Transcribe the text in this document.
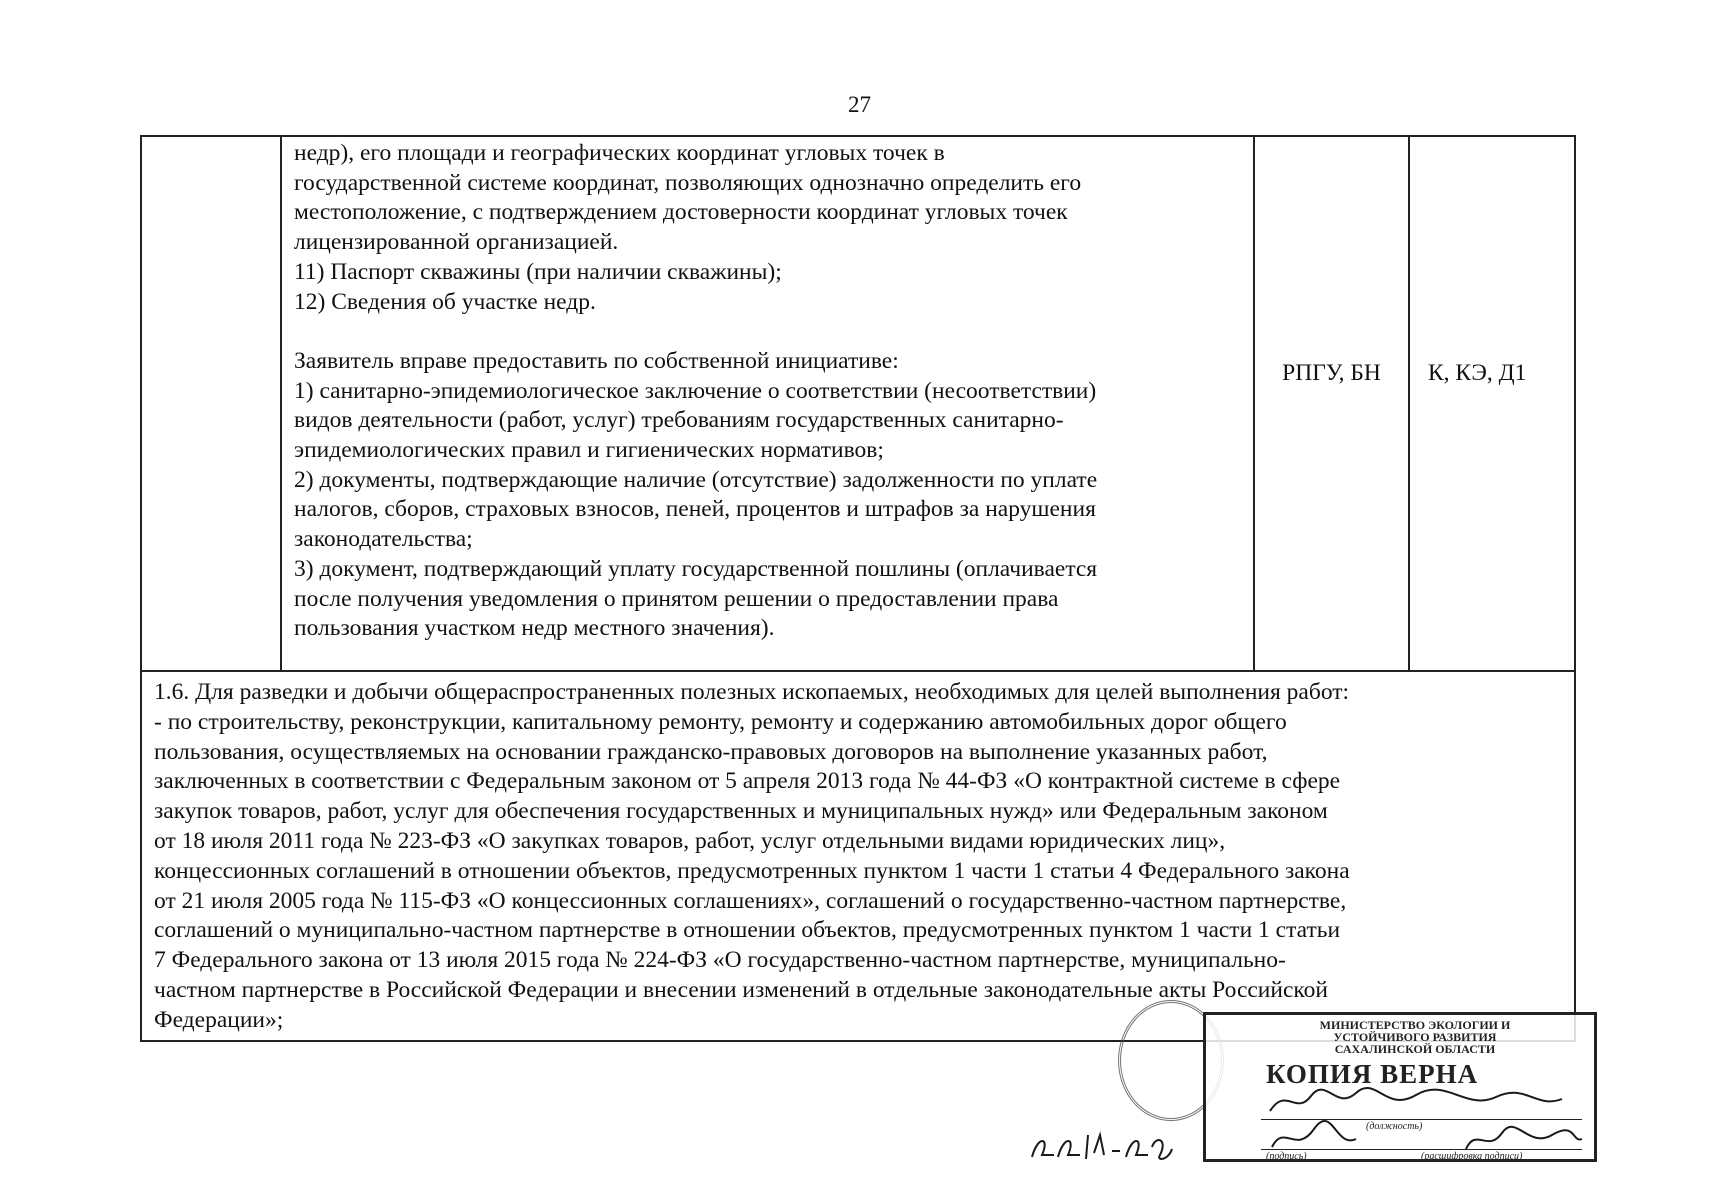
27
недр), его площади и географических координат угловых точек в
государственной системе координат, позволяющих однозначно определить его
местоположение, с подтверждением достоверности координат угловых точек
лицензированной организацией.
11) Паспорт скважины (при наличии скважины);
12) Сведения об участке недр.
Заявитель вправе предоставить по собственной инициативе:
1) санитарно-эпидемиологическое заключение о соответствии (несоответствии)
видов деятельности (работ, услуг) требованиям государственных санитарно-
эпидемиологических правил и гигиенических нормативов;
2) документы, подтверждающие наличие (отсутствие) задолженности по уплате
налогов, сборов, страховых взносов, пеней, процентов и штрафов за нарушения
законодательства;
3) документ, подтверждающий уплату государственной пошлины (оплачивается
после получения уведомления о принятом решении о предоставлении права
пользования участком недр местного значения).
РПГУ, БН	К, КЭ, Д1
1.6. Для разведки и добычи общераспространенных полезных ископаемых, необходимых для целей выполнения работ:
- по строительству, реконструкции, капитальному ремонту, ремонту и содержанию автомобильных дорог общего
пользования, осуществляемых на основании гражданско-правовых договоров на выполнение указанных работ,
заключенных в соответствии с Федеральным законом от 5 апреля 2013 года № 44-ФЗ «О контрактной системе в сфере
закупок товаров, работ, услуг для обеспечения государственных и муниципальных нужд» или Федеральным законом
от 18 июля 2011 года № 223-ФЗ «О закупках товаров, работ, услуг отдельными видами юридических лиц»,
концессионных соглашений в отношении объектов, предусмотренных пунктом 1 части 1 статьи 4 Федерального закона
от 21 июля 2005 года № 115-ФЗ «О концессионных соглашениях», соглашений о государственно-частном партнерстве,
соглашений о муниципально-частном партнерстве в отношении объектов, предусмотренных пунктом 1 части 1 статьи
7 Федерального закона от 13 июля 2015 года № 224-ФЗ «О государственно-частном партнерстве, муниципально-
частном партнерстве в Российской Федерации и внесении изменений в отдельные законодательные акты Российской
Федерации»;	МИНИСТЕРСТВО ЭКОЛОГИИ И
УСТОЙЧИВОГО РАЗВИТИЯ
САХАЛИНСКОЙ ОБЛАСТИ
КОПИЯ ВЕРНА
(должность)
(подпись)	(расшифровка подписи)
